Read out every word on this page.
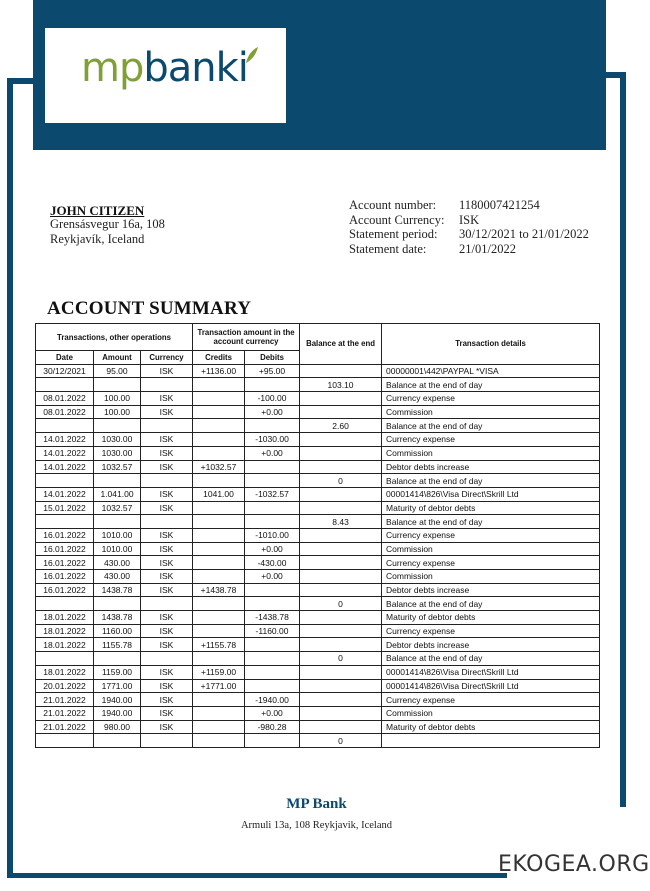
mpbanki
JOHN CITIZEN
Grensásvegur 16a, 108
Reykjavík, Iceland
Account number:	1180007421254
Account Currency:	ISK
Statement period:	30/12/2021 to 21/01/2022
Statement date:	21/01/2022
ACCOUNT SUMMARY
Transactions, other operations			Transaction amount in the account currency		Balance at the end	Transaction details
Date	Amount	Currency	Credits	Debits		
30/12/2021	95.00	ISK	+1136.00	+95.00		00000001\442\PAYPAL *VISA
					103.10	Balance at the end of day
08.01.2022	100.00	ISK		-100.00		Currency expense
08.01.2022	100.00	ISK		+0.00		Commission
					2.60	Balance at the end of day
14.01.2022	1030.00	ISK		-1030.00		Currency expense
14.01.2022	1030.00	ISK		+0.00		Commission
14.01.2022	1032.57	ISK	+1032.57			Debtor debts increase
					0	Balance at the end of day
14.01.2022	1.041.00	ISK	1041.00	-1032.57		00001414\826\Visa Direct\Skrill Ltd
15.01.2022	1032.57	ISK				Maturity of debtor debts
					8.43	Balance at the end of day
16.01.2022	1010.00	ISK		-1010.00		Currency expense
16.01.2022	1010.00	ISK		+0.00		Commission
16.01.2022	430.00	ISK		-430.00		Currency expense
16.01.2022	430.00	ISK		+0.00		Commission
16.01.2022	1438.78	ISK	+1438.78			Debtor debts increase
					0	Balance at the end of day
18.01.2022	1438.78	ISK		-1438.78		Maturity of debtor debts
18.01.2022	1160.00	ISK		-1160.00		Currency expense
18.01.2022	1155.78	ISK	+1155.78			Debtor debts increase
					0	Balance at the end of day
18.01.2022	1159.00	ISK	+1159.00			00001414\826\Visa Direct\Skrill Ltd
20.01.2022	1771.00	ISK	+1771.00			00001414\826\Visa Direct\Skrill Ltd
21.01.2022	1940.00	ISK		-1940.00		Currency expense
21.01.2022	1940.00	ISK		+0.00		Commission
21.01.2022	980.00	ISK		-980.28		Maturity of debtor debts
					0	
MP Bank
Armuli 13a, 108 Reykjavik, Iceland
EKOGEA.ORG
